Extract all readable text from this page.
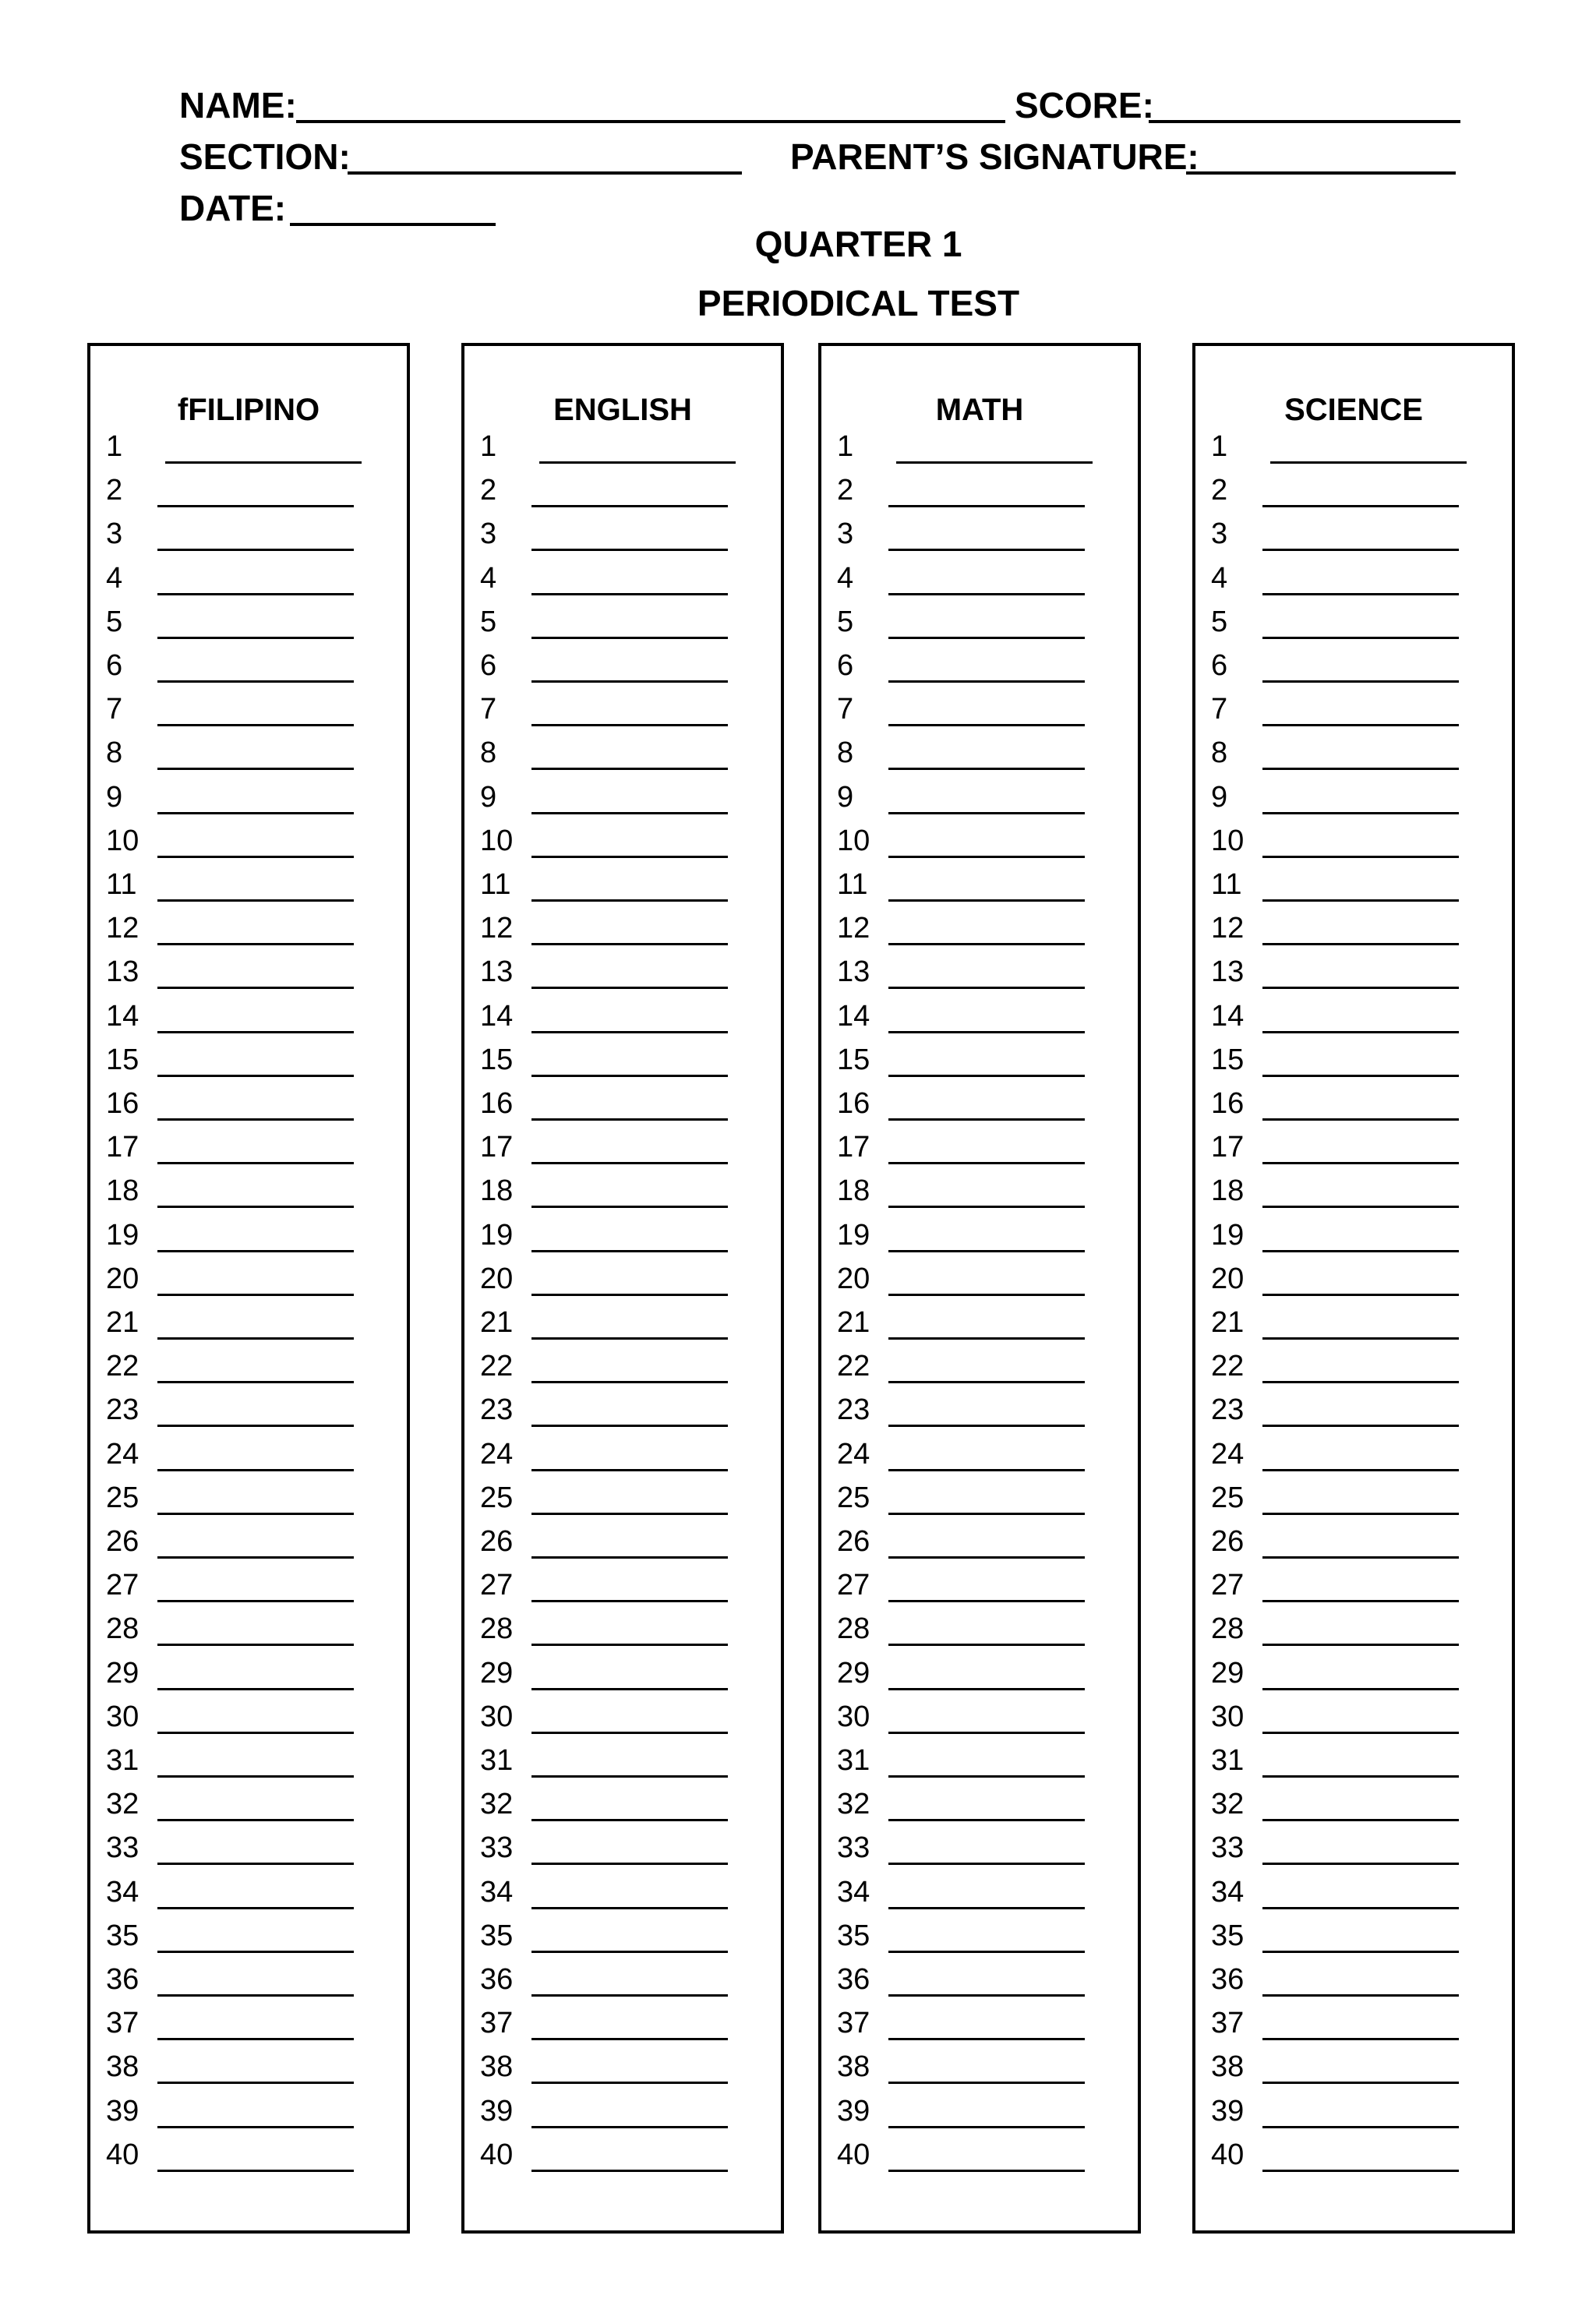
NAME:	SCORE:
SECTION:	PARENT’S SIGNATURE:
DATE:
QUARTER 1
PERIODICAL TEST
fFILIPINO
1
2
3
4
5
6
7
8
9
10
11
12
13
14
15
16
17
18
19
20
21
22
23
24
25
26
27
28
29
30
31
32
33
34
35
36
37
38
39
40
ENGLISH
1
2
3
4
5
6
7
8
9
10
11
12
13
14
15
16
17
18
19
20
21
22
23
24
25
26
27
28
29
30
31
32
33
34
35
36
37
38
39
40
MATH
1
2
3
4
5
6
7
8
9
10
11
12
13
14
15
16
17
18
19
20
21
22
23
24
25
26
27
28
29
30
31
32
33
34
35
36
37
38
39
40
SCIENCE
1
2
3
4
5
6
7
8
9
10
11
12
13
14
15
16
17
18
19
20
21
22
23
24
25
26
27
28
29
30
31
32
33
34
35
36
37
38
39
40
